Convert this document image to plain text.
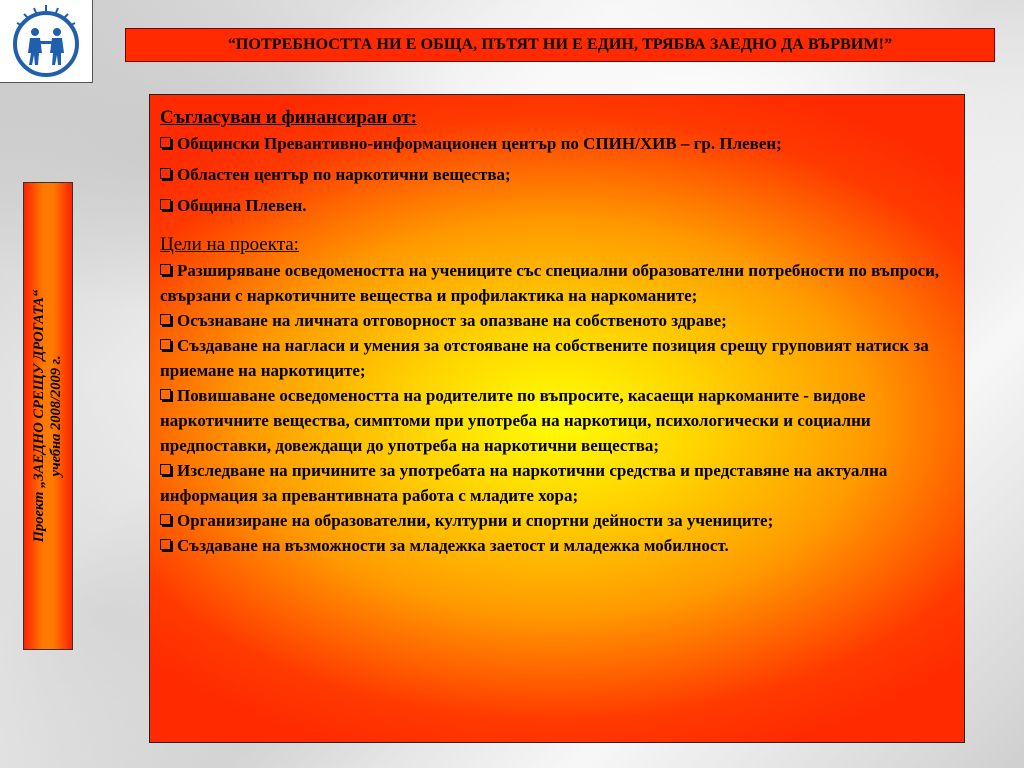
“ПОТРЕБНОСТТА НИ Е ОБЩА, ПЪТЯТ НИ Е ЕДИН, ТРЯБВА ЗАЕДНО ДА ВЪРВИМ!”
Проект „ЗАЕДНО СРЕЩУ ДРОГАТА“ учебна 2008/2009 г.

Съгласуван и финансиран от:

Общински Превантивно-информационен център по СПИН/ХИВ – гр. Плевен;

Областен център по наркотични вещества;

Община Плевен.

Цели на проекта:

Разширяване осведомеността на учениците със специални образователни потребности по въпроси, свързани с наркотичните вещества и профилактика на наркоманите;

Осъзнаване на личната отговорност за опазване на собственото здраве;

Създаване на нагласи и умения за отстояване на собствените позиция срещу груповият натиск за приемане на наркотиците;

Повишаване осведомеността на родителите по въпросите, касаещи наркоманите - видове наркотичните вещества, симптоми при употреба на наркотици, психологически и социални предпоставки, довеждащи до употреба на наркотични вещества;

Изследване на причините за употребата на наркотични средства и представяне на актуална информация за превантивната работа с младите хора;

Организиране на образователни, културни и спортни дейности за учениците;

Създаване на възможности за младежка заетост и младежка мобилност.
